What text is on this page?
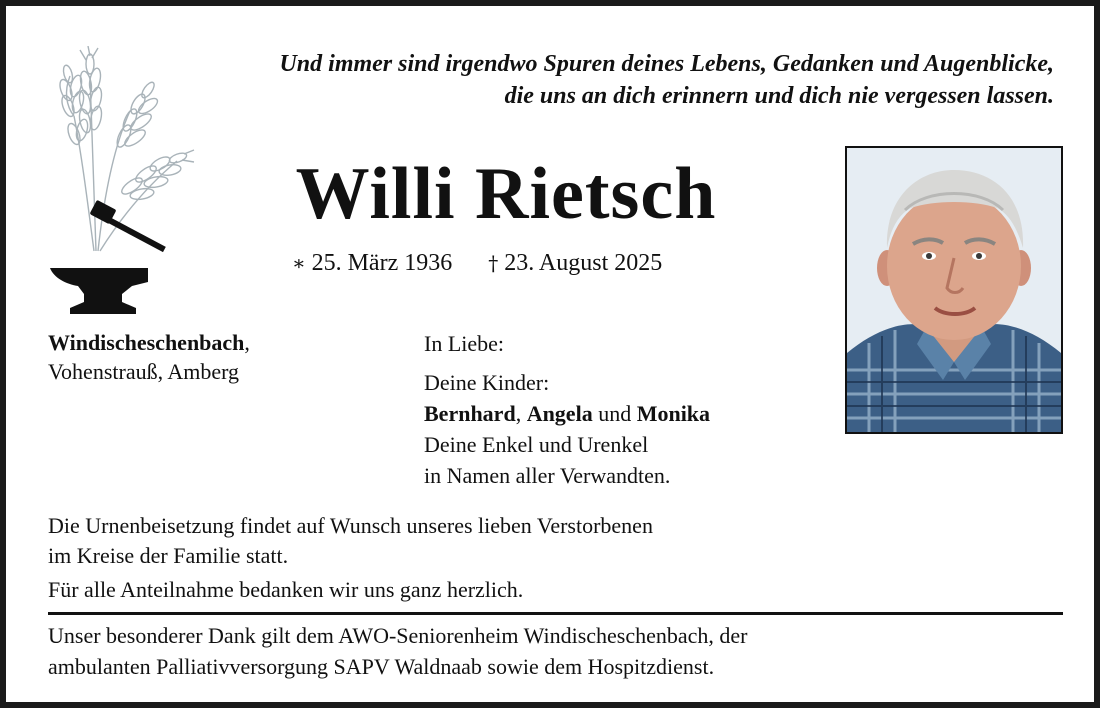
Und immer sind irgendwo Spuren deines Lebens, Gedanken und Augenblicke,
die uns an dich erinnern und dich nie vergessen lassen.
Willi Rietsch
∗ 25. März 1936 † 23. August 2025
Windischeschenbach,
Vohenstrauß, Amberg
In Liebe:
Deine Kinder:
Bernhard, Angela und Monika
Deine Enkel und Urenkel
in Namen aller Verwandten.
Die Urnenbeisetzung findet auf Wunsch unseres lieben Verstorbenen
im Kreise der Familie statt.
Für alle Anteilnahme bedanken wir uns ganz herzlich.
Unser besonderer Dank gilt dem AWO-Seniorenheim Windischeschenbach, der
ambulanten Palliativversorgung SAPV Waldnaab sowie dem Hospitzdienst.
